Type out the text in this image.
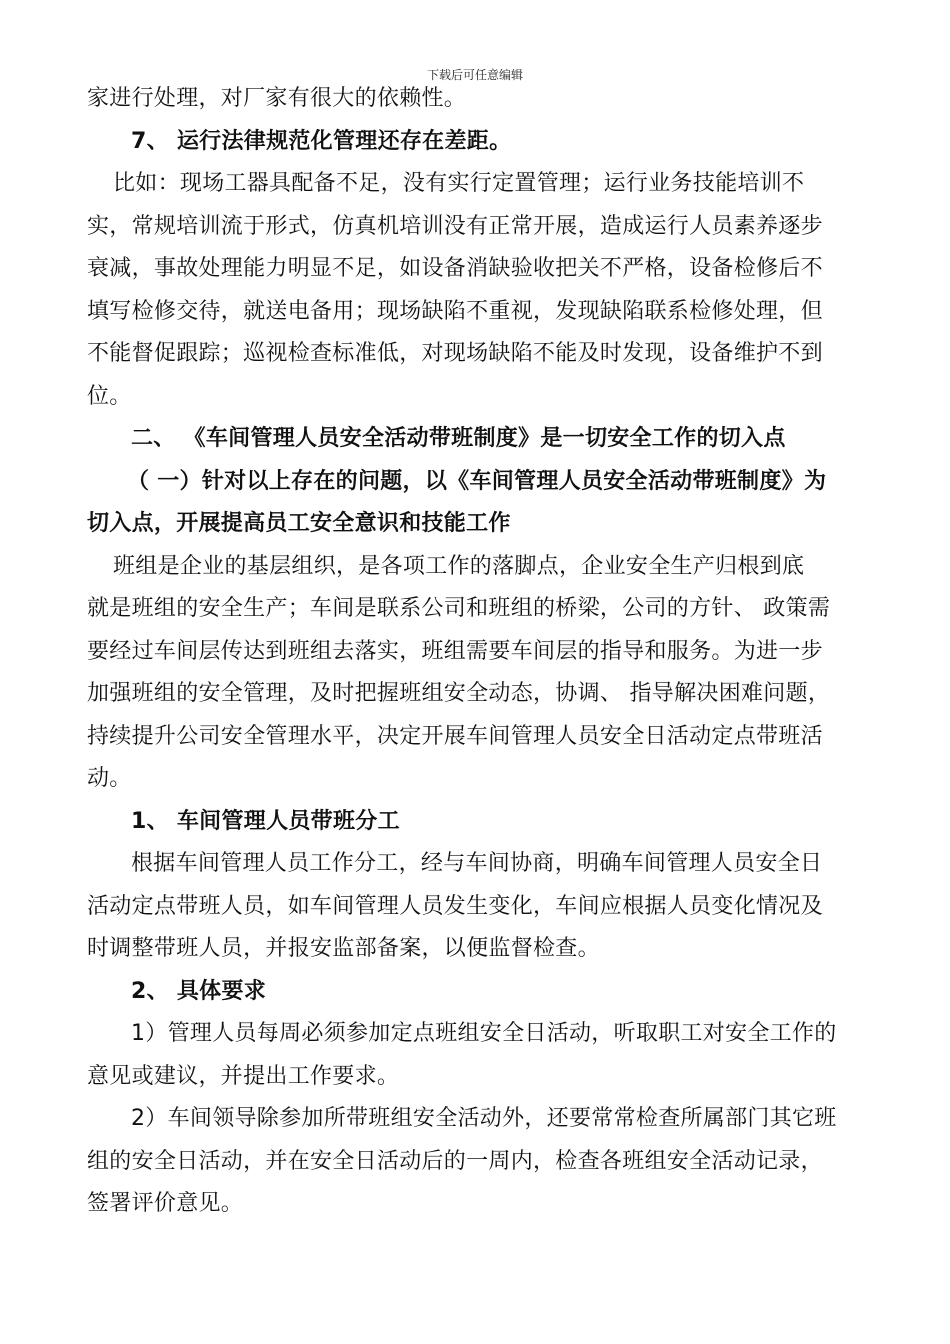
下载后可任意编辑
家进行处理，对厂家有很大的依赖性。
7、 运行法律规范化管理还存在差距。
比如：现场工器具配备不足，没有实行定置管理；运行业务技能培训不
实，常规培训流于形式，仿真机培训没有正常开展，造成运行人员素养逐步
衰减，事故处理能力明显不足，如设备消缺验收把关不严格，设备检修后不
填写检修交待，就送电备用；现场缺陷不重视，发现缺陷联系检修处理，但
不能督促跟踪；巡视检查标准低，对现场缺陷不能及时发现，设备维护不到
位。
二、 《车间管理人员安全活动带班制度》是一切安全工作的切入点
（ 一）针对以上存在的问题，以《车间管理人员安全活动带班制度》为
切入点，开展提高员工安全意识和技能工作
班组是企业的基层组织，是各项工作的落脚点，企业安全生产归根到底
就是班组的安全生产；车间是联系公司和班组的桥梁，公司的方针、 政策需
要经过车间层传达到班组去落实，班组需要车间层的指导和服务。为进一步
加强班组的安全管理，及时把握班组安全动态，协调、 指导解决困难问题，
持续提升公司安全管理水平，决定开展车间管理人员安全日活动定点带班活
动。
1、 车间管理人员带班分工
根据车间管理人员工作分工，经与车间协商，明确车间管理人员安全日
活动定点带班人员，如车间管理人员发生变化，车间应根据人员变化情况及
时调整带班人员，并报安监部备案，以便监督检查。
2、 具体要求
1）管理人员每周必须参加定点班组安全日活动，听取职工对安全工作的
意见或建议，并提出工作要求。
2）车间领导除参加所带班组安全活动外，还要常常检查所属部门其它班
组的安全日活动，并在安全日活动后的一周内，检查各班组安全活动记录，
签署评价意见。
